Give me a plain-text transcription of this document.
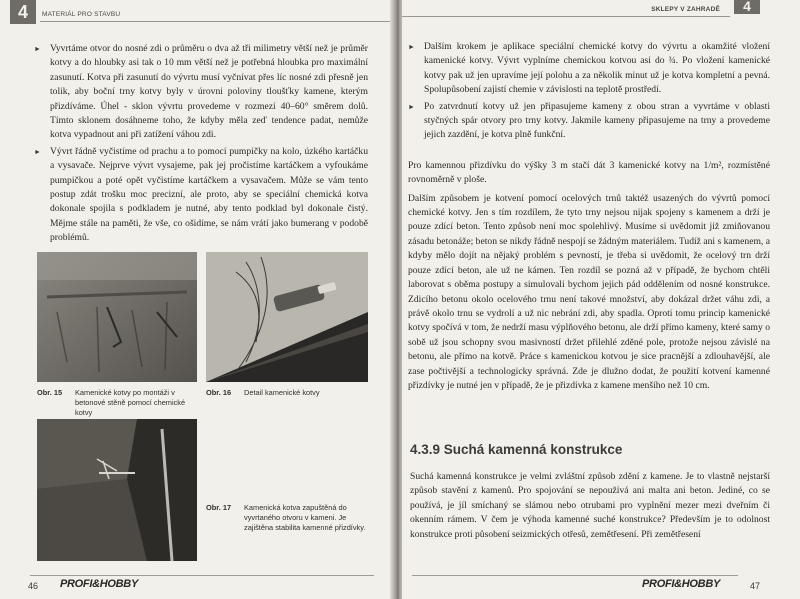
4	MATERIÁL PRO STAVBU
► Vyvrtáme otvor do nosné zdi o průměru o dva až tři milimetry větší než je průměr kotvy a do hloubky asi tak o 10 mm větší než je potřebná hloubka pro maximální zasunutí. Kotva při zasunutí do vývrtu musí vyčnívat přes líc nosné zdi přesně jen tolik, aby boční trny kotvy byly v úrovni poloviny tloušťky kamene, kterým přizdíváme. Úhel - sklon vývrtu provedeme v rozmezí 40–60° směrem dolů. Tímto sklonem dosáhneme toho, že kdyby měla zeď tendence padat, nemůže kotva vypadnout ani při zatížení váhou zdi.
► Vývrt řádně vyčistíme od prachu a to pomocí pumpičky na kolo, úzkého kartáčku a vysavače. Nejprve vývrt vysajeme, pak jej pročistíme kartáčkem a vyfoukáme pumpičkou a poté opět vyčistíme kartáčkem a vysavačem. Může se vám tento postup zdát trošku moc precizní, ale proto, aby se speciální chemická kotva dokonale spojila s podkladem je nutné, aby tento podklad byl dokonale čistý. Mějme stále na paměti, že vše, co ošidíme, se nám vrátí jako bumerang v podobě problémů.
Obr. 15	Kamenické kotvy po montáži v betonové stěně pomocí chemické kotvy
Obr. 16	Detail kamenické kotvy
Obr. 17	Kamenická kotva zapuštěná do vyvrtaného otvoru v kameni. Je zajištěna stabilita kamenné přizdívky.
46 PROFI&HOBBY
4
SKLEPY V ZAHRADĚ
► Dalším krokem je aplikace speciální chemické kotvy do vývrtu a okamžité vložení kamenické kotvy. Vývrt vyplníme chemickou kotvou asi do ¾. Po vložení kamenické kotvy pak už jen upravíme její polohu a za několik minut už je kotva kompletní a pevná. Spolupůsobení zajistí chemie v závislosti na teplotě prostředí.
► Po zatvrdnutí kotvy už jen připasujeme kameny z obou stran a vyvrtáme v oblasti styčných spár otvory pro trny kotvy. Jakmile kameny připasujeme na trny a provedeme jejich zazdění, je kotva plně funkční.

Pro kamennou přizdívku do výšky 3 m stačí dát 3 kamenické kotvy na 1/m², rozmístěné rovnoměrně v ploše.

Dalším způsobem je kotvení pomocí ocelových trnů taktéž usazených do vývrtů pomocí chemické kotvy. Jen s tím rozdílem, že tyto trny nejsou nijak spojeny s kamenem a drží je pouze zdící beton. Tento způsob není moc spolehlivý. Musíme si uvědomit již zmiňovanou zásadu betonáže; beton se nikdy řádně nespojí se žádným materiálem. Tudíž ani s kamenem, a kdyby mělo dojít na nějaký problém s pevností, je třeba si uvědomit, že ocelový trn drží pouze zdící beton, ale už ne kámen. Ten rozdíl se pozná až v případě, že bychom chtěli laborovat s oběma postupy a simulovali bychom jejich pád oddělením od nosné konstrukce. Zdicího betonu okolo ocelového trnu není takové množství, aby dokázal držet váhu zdi, a právě okolo trnu se vydrolí a už nic nebrání zdi, aby spadla. Oproti tomu princip kamenické kotvy spočívá v tom, že nedrží masu výplňového betonu, ale drží přímo kameny, které samy o sobě už jsou schopny svou masivností držet přilehlé zděné pole, protože nejsou závislé na betonu, ale přímo na kotvě. Práce s kamenickou kotvou je sice pracnější a zdlouhavější, ale zase počtivější a technologicky správná. Zde je dlužno dodat, že použití kotvení kamenné přizdívky je nutné jen v případě, že je přizdívka z kamene menšího než 10 cm.

4.3.9 Suchá kamenná konstrukce

Suchá kamenná konstrukce je velmi zvláštní způsob zdění z kamene. Je to vlastně nejstarší způsob stavění z kamenů. Pro spojování se nepoužívá ani malta ani beton. Jediné, co se používá, je jíl smíchaný se slámou nebo otrubami pro vyplnění mezer mezi dveřním či okenním rámem. V čem je výhoda kamenné suché konstrukce? Především je to odolnost konstrukce proti působení seizmických otřesů, zemětřesení. Při zemětřesení

PROFI&HOBBY	47
